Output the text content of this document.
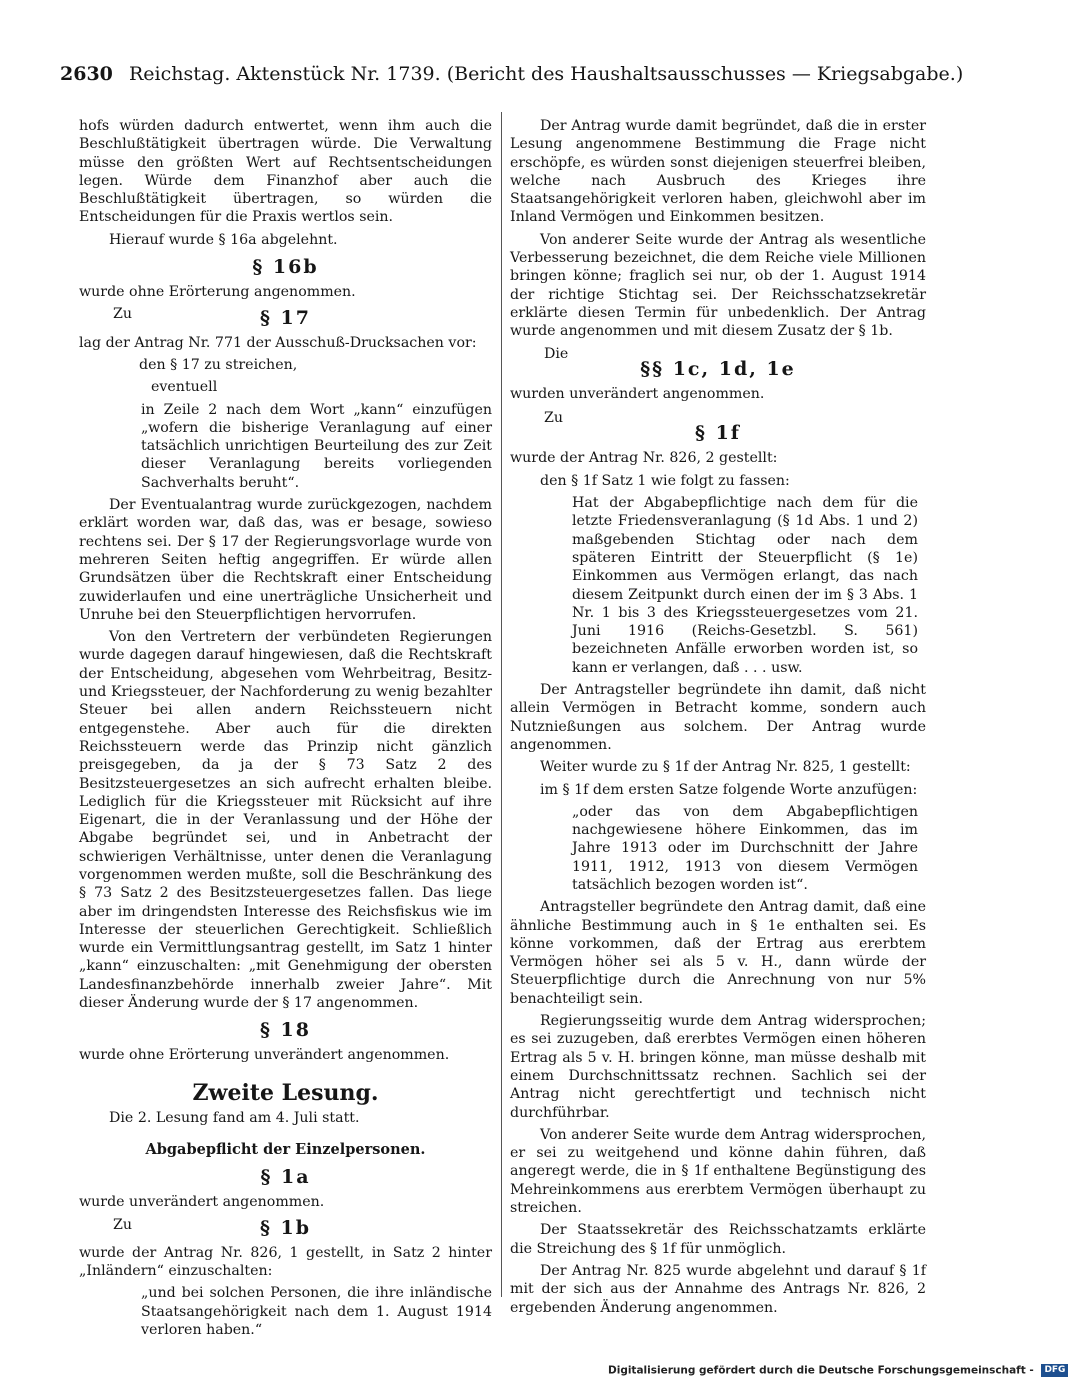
2630 Reichstag. Aktenstück Nr. 1739. (Bericht des Haushaltsausschusses — Kriegsabgabe.)

hofs würden dadurch entwertet, wenn ihm auch die Beschlußtätigkeit übertragen würde. Die Verwaltung müsse den größten Wert auf Rechtsentscheidungen legen. Würde dem Finanzhof aber auch die Beschlußtätigkeit übertragen, so würden die Entscheidungen für die Praxis wertlos sein.

Hierauf wurde § 16a abgelehnt.

§ 16b

wurde ohne Erörterung angenommen.

Zu	§ 17

lag der Antrag Nr. 771 der Ausschuß-Drucksachen vor:

den § 17 zu streichen,

eventuell

in Zeile 2 nach dem Wort „kann“ einzufügen „wofern die bisherige Veranlagung auf einer tatsächlich unrichtigen Beurteilung des zur Zeit dieser Veranlagung bereits vorliegenden Sachverhalts beruht“.

Der Eventualantrag wurde zurückgezogen, nachdem erklärt worden war, daß das, was er besage, sowieso rechtens sei. Der § 17 der Regierungsvorlage wurde von mehreren Seiten heftig angegriffen. Er würde allen Grundsätzen über die Rechtskraft einer Entscheidung zuwiderlaufen und eine unerträgliche Unsicherheit und Unruhe bei den Steuerpflichtigen hervorrufen.

Von den Vertretern der verbündeten Regierungen wurde dagegen darauf hingewiesen, daß die Rechtskraft der Entscheidung, abgesehen vom Wehrbeitrag, Besitz- und Kriegssteuer, der Nachforderung zu wenig bezahlter Steuer bei allen andern Reichssteuern nicht entgegenstehe. Aber auch für die direkten Reichssteuern werde das Prinzip nicht gänzlich preisgegeben, da ja der § 73 Satz 2 des Besitzsteuergesetzes an sich aufrecht erhalten bleibe. Lediglich für die Kriegssteuer mit Rücksicht auf ihre Eigenart, die in der Veranlassung und der Höhe der Abgabe begründet sei, und in Anbetracht der schwierigen Verhältnisse, unter denen die Veranlagung vorgenommen werden mußte, soll die Beschränkung des § 73 Satz 2 des Besitzsteuergesetzes fallen. Das liege aber im dringendsten Interesse des Reichsfiskus wie im Interesse der steuerlichen Gerechtigkeit. Schließlich wurde ein Vermittlungsantrag gestellt, im Satz 1 hinter „kann“ einzuschalten: „mit Genehmigung der obersten Landesfinanzbehörde innerhalb zweier Jahre“. Mit dieser Änderung wurde der § 17 angenommen.

§ 18

wurde ohne Erörterung unverändert angenommen.

Zweite Lesung.

Die 2. Lesung fand am 4. Juli statt.

Abgabepflicht der Einzelpersonen.
§ 1a

wurde unverändert angenommen.

Zu	§ 1b

wurde der Antrag Nr. 826, 1 gestellt, in Satz 2 hinter „Inländern“ einzuschalten:

„und bei solchen Personen, die ihre inländische Staatsangehörigkeit nach dem 1. August 1914 verloren haben.“

Der Antrag wurde damit begründet, daß die in erster Lesung angenommene Bestimmung die Frage nicht erschöpfe, es würden sonst diejenigen steuerfrei bleiben, welche nach Ausbruch des Krieges ihre Staatsangehörigkeit verloren haben, gleichwohl aber im Inland Vermögen und Einkommen besitzen.

Von anderer Seite wurde der Antrag als wesentliche Verbesserung bezeichnet, die dem Reiche viele Millionen bringen könne; fraglich sei nur, ob der 1. August 1914 der richtige Stichtag sei. Der Reichsschatzsekretär erklärte diesen Termin für unbedenklich. Der Antrag wurde angenommen und mit diesem Zusatz der § 1b.

Die

§§ 1c, 1d, 1e

wurden unverändert angenommen.

Zu

§ 1f

wurde der Antrag Nr. 826, 2 gestellt:

den § 1f Satz 1 wie folgt zu fassen:

Hat der Abgabepflichtige nach dem für die letzte Friedensveranlagung (§ 1d Abs. 1 und 2) maßgebenden Stichtag oder nach dem späteren Eintritt der Steuerpflicht (§ 1e) Einkommen aus Vermögen erlangt, das nach diesem Zeitpunkt durch einen der im § 3 Abs. 1 Nr. 1 bis 3 des Kriegssteuergesetzes vom 21. Juni 1916 (Reichs-Gesetzbl. S. 561) bezeichneten Anfälle erworben worden ist, so kann er verlangen, daß . . . usw.

Der Antragsteller begründete ihn damit, daß nicht allein Vermögen in Betracht komme, sondern auch Nutznießungen aus solchem. Der Antrag wurde angenommen.

Weiter wurde zu § 1f der Antrag Nr. 825, 1 gestellt:

im § 1f dem ersten Satze folgende Worte anzufügen:

„oder das von dem Abgabepflichtigen nachgewiesene höhere Einkommen, das im Jahre 1913 oder im Durchschnitt der Jahre 1911, 1912, 1913 von diesem Vermögen tatsächlich bezogen worden ist“.

Antragsteller begründete den Antrag damit, daß eine ähnliche Bestimmung auch in § 1e enthalten sei. Es könne vorkommen, daß der Ertrag aus ererbtem Vermögen höher sei als 5 v. H., dann würde der Steuerpflichtige durch die Anrechnung von nur 5% benachteiligt sein.

Regierungsseitig wurde dem Antrag widersprochen; es sei zuzugeben, daß ererbtes Vermögen einen höheren Ertrag als 5 v. H. bringen könne, man müsse deshalb mit einem Durchschnittssatz rechnen. Sachlich sei der Antrag nicht gerechtfertigt und technisch nicht durchführbar.

Von anderer Seite wurde dem Antrag widersprochen, er sei zu weitgehend und könne dahin führen, daß angeregt werde, die in § 1f enthaltene Begünstigung des Mehreinkommens aus ererbtem Vermögen überhaupt zu streichen.

Der Staatssekretär des Reichsschatzamts erklärte die Streichung des § 1f für unmöglich.

Der Antrag Nr. 825 wurde abgelehnt und darauf § 1f mit der sich aus der Annahme des Antrags Nr. 826, 2 ergebenden Änderung angenommen.

Digitalisierung gefördert durch die Deutsche Forschungsgemeinschaft - DFG
